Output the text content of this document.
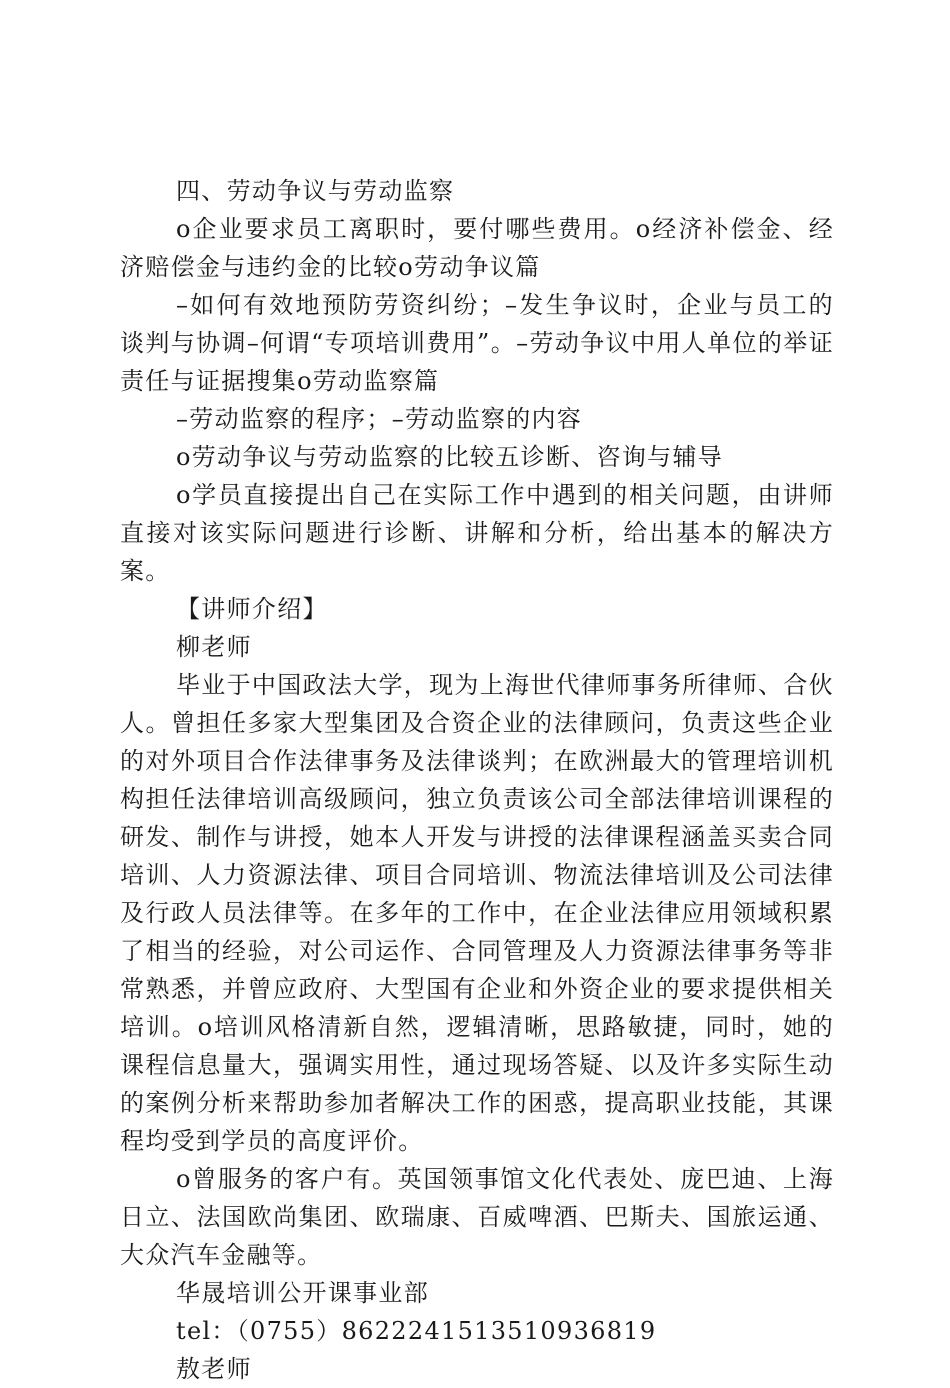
四、劳动争议与劳动监察

o企业要求员工离职时，要付哪些费用。o经济补偿金、经济赔偿金与违约金的比较o劳动争议篇

–如何有效地预防劳资纠纷；–发生争议时，企业与员工的谈判与协调–何谓“专项培训费用”。–劳动争议中用人单位的举证责任与证据搜集o劳动监察篇

–劳动监察的程序；–劳动监察的内容

o劳动争议与劳动监察的比较五诊断、咨询与辅导

o学员直接提出自己在实际工作中遇到的相关问题，由讲师直接对该实际问题进行诊断、讲解和分析，给出基本的解决方案。

【讲师介绍】

柳老师

毕业于中国政法大学，现为上海世代律师事务所律师、合伙人。曾担任多家大型集团及合资企业的法律顾问，负责这些企业的对外项目合作法律事务及法律谈判；在欧洲最大的管理培训机构担任法律培训高级顾问，独立负责该公司全部法律培训课程的研发、制作与讲授，她本人开发与讲授的法律课程涵盖买卖合同培训、人力资源法律、项目合同培训、物流法律培训及公司法律及行政人员法律等。在多年的工作中，在企业法律应用领域积累了相当的经验，对公司运作、合同管理及人力资源法律事务等非常熟悉，并曾应政府、大型国有企业和外资企业的要求提供相关培训。o培训风格清新自然，逻辑清晰，思路敏捷，同时，她的课程信息量大，强调实用性，通过现场答疑、以及许多实际生动的案例分析来帮助参加者解决工作的困惑，提高职业技能，其课程均受到学员的高度评价。

o曾服务的客户有。英国领事馆文化代表处、庞巴迪、上海日立、法国欧尚集团、欧瑞康、百威啤酒、巴斯夫、国旅运通、大众汽车金融等。

华晟培训公开课事业部

tel：（0755）8622241513510936819

敖老师
